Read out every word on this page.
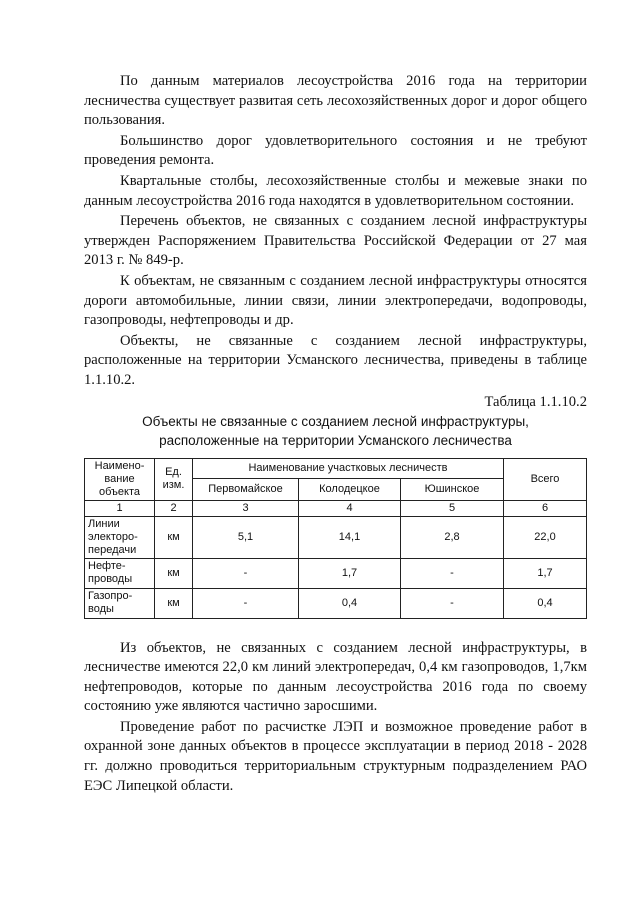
По данным материалов лесоустройства 2016 года на территории лесничества существует развитая сеть лесохозяйственных дорог и дорог общего пользования.

Большинство дорог удовлетворительного состояния и не требуют проведения ремонта.

Квартальные столбы, лесохозяйственные столбы и межевые знаки по данным лесоустройства 2016 года находятся в удовлетворительном состоянии.

Перечень объектов, не связанных с созданием лесной инфраструктуры утвержден Распоряжением Правительства Российской Федерации от 27 мая 2013 г. № 849-р.

К объектам, не связанным с созданием лесной инфраструктуры относятся дороги автомобильные, линии связи, линии электропередачи, водопроводы, газопроводы, нефтепроводы и др.

Объекты, не связанные с созданием лесной инфраструктуры, расположенные на территории Усманского лесничества, приведены в таблице 1.1.10.2.

Таблица 1.1.10.2
Объекты не связанные с созданием лесной инфраструктуры,
расположенные на территории Усманского лесничества
Наимено-вание объекта	Ед. изм.	Наименование участковых лесничеств			Всего
		Первомайское	Колодецкое	Юшинское	
1	2	3	4	5	6
Линии электоро-передачи	км	5,1	14,1	2,8	22,0
Нефте-проводы	км	-	1,7	-	1,7
Газопро-воды	км	-	0,4	-	0,4

Из объектов, не связанных с созданием лесной инфраструктуры, в лесничестве имеются 22,0 км линий электропередач, 0,4 км газопроводов, 1,7км нефтепроводов, которые по данным лесоустройства 2016 года по своему состоянию уже являются частично заросшими.

Проведение работ по расчистке ЛЭП и возможное проведение работ в охранной зоне данных объектов в процессе эксплуатации в период 2018 - 2028 гг. должно проводиться территориальным структурным подразделением РАО ЕЭС Липецкой области.
